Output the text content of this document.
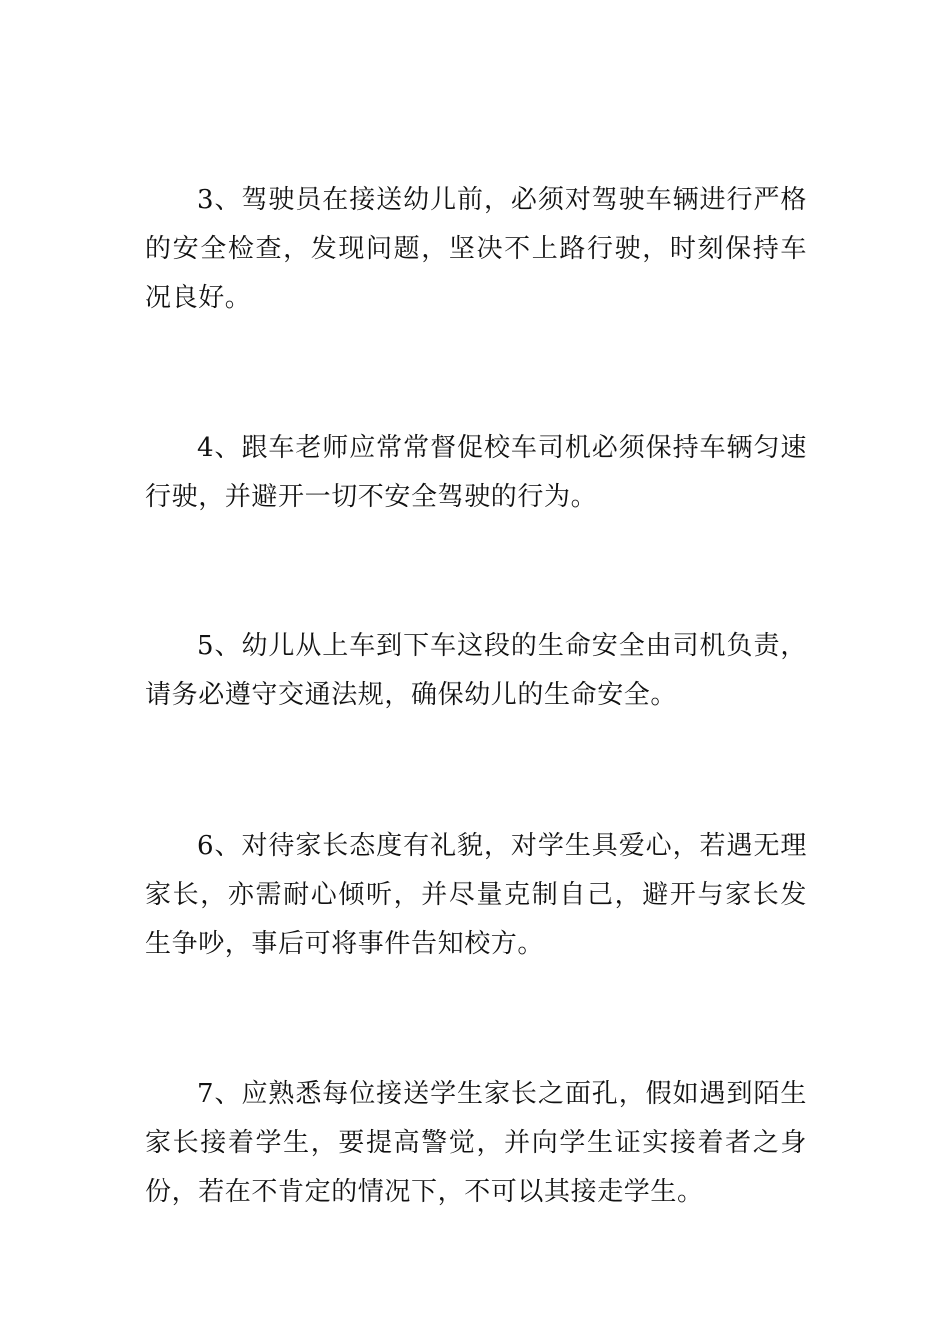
3、驾驶员在接送幼儿前，必须对驾驶车辆进行严格的安全检查，发现问题，坚决不上路行驶，时刻保持车况良好。

4、跟车老师应常常督促校车司机必须保持车辆匀速行驶，并避开一切不安全驾驶的行为。

5、幼儿从上车到下车这段的生命安全由司机负责，请务必遵守交通法规，确保幼儿的生命安全。

6、对待家长态度有礼貌，对学生具爱心，若遇无理家长，亦需耐心倾听，并尽量克制自己，避开与家长发生争吵，事后可将事件告知校方。

7、应熟悉每位接送学生家长之面孔，假如遇到陌生家长接着学生，要提高警觉，并向学生证实接着者之身份，若在不肯定的情况下，不可以其接走学生。
